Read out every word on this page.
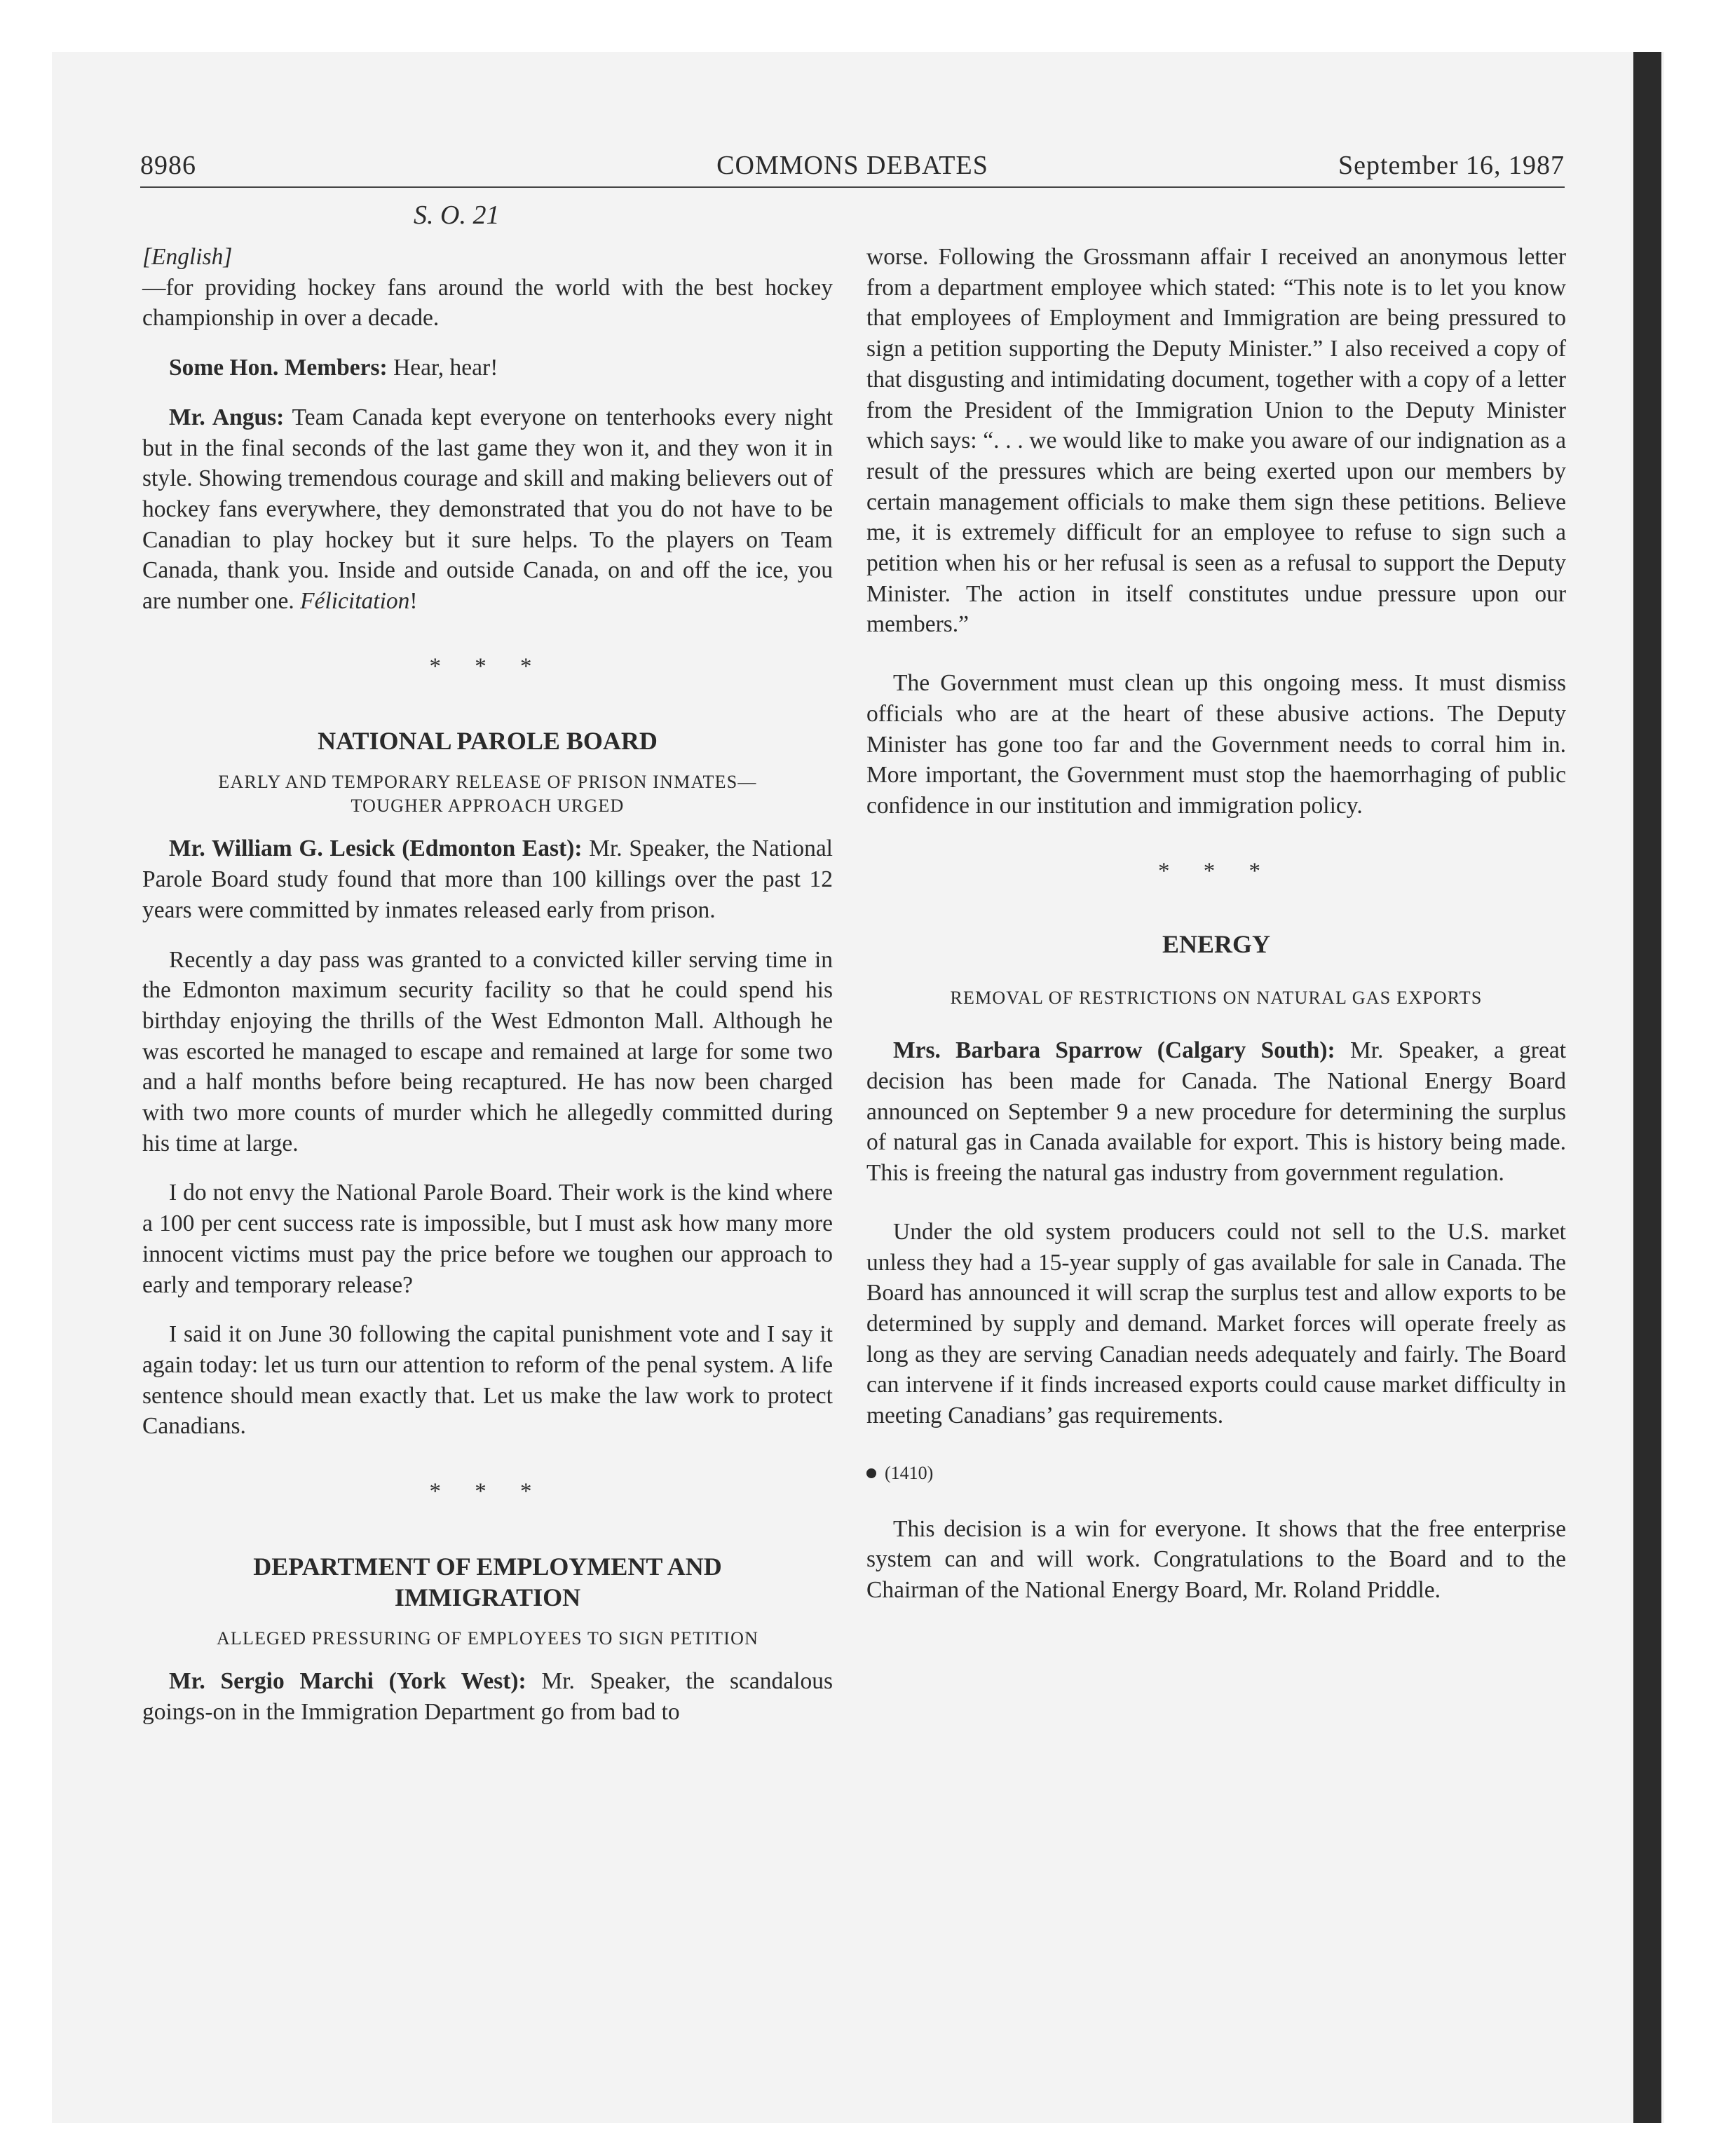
COMMONS DEBATES
8986	September 16, 1987
S. O. 21

[English]

—for providing hockey fans around the world with the best hockey championship in over a decade.

Some Hon. Members: Hear, hear!

Mr. Angus: Team Canada kept everyone on tenterhooks every night but in the final seconds of the last game they won it, and they won it in style. Showing tremendous courage and skill and making believers out of hockey fans everywhere, they demonstrated that you do not have to be Canadian to play hockey but it sure helps. To the players on Team Canada, thank you. Inside and outside Canada, on and off the ice, you are number one. Félicitation!

* * *

NATIONAL PAROLE BOARD

EARLY AND TEMPORARY RELEASE OF PRISON INMATES— TOUGHER APPROACH URGED

Mr. William G. Lesick (Edmonton East): Mr. Speaker, the National Parole Board study found that more than 100 killings over the past 12 years were committed by inmates released early from prison.

Recently a day pass was granted to a convicted killer serving time in the Edmonton maximum security facility so that he could spend his birthday enjoying the thrills of the West Edmonton Mall. Although he was escorted he managed to escape and remained at large for some two and a half months before being recaptured. He has now been charged with two more counts of murder which he allegedly committed during his time at large.

I do not envy the National Parole Board. Their work is the kind where a 100 per cent success rate is impossible, but I must ask how many more innocent victims must pay the price before we toughen our approach to early and temporary release?

I said it on June 30 following the capital punishment vote and I say it again today: let us turn our attention to reform of the penal system. A life sentence should mean exactly that. Let us make the law work to protect Canadians.

* * *

DEPARTMENT OF EMPLOYMENT AND IMMIGRATION

ALLEGED PRESSURING OF EMPLOYEES TO SIGN PETITION

Mr. Sergio Marchi (York West): Mr. Speaker, the scandalous goings-on in the Immigration Department go from bad to

worse. Following the Grossmann affair I received an anonymous letter from a department employee which stated: “This note is to let you know that employees of Employment and Immigration are being pressured to sign a petition supporting the Deputy Minister.” I also received a copy of that disgusting and intimidating document, together with a copy of a letter from the President of the Immigration Union to the Deputy Minister which says: “. . . we would like to make you aware of our indignation as a result of the pressures which are being exerted upon our members by certain management officials to make them sign these petitions. Believe me, it is extremely difficult for an employee to refuse to sign such a petition when his or her refusal is seen as a refusal to support the Deputy Minister. The action in itself constitutes undue pressure upon our members.”

The Government must clean up this ongoing mess. It must dismiss officials who are at the heart of these abusive actions. The Deputy Minister has gone too far and the Government needs to corral him in. More important, the Government must stop the haemorrhaging of public confidence in our institution and immigration policy.

* * *

ENERGY

REMOVAL OF RESTRICTIONS ON NATURAL GAS EXPORTS

Mrs. Barbara Sparrow (Calgary South): Mr. Speaker, a great decision has been made for Canada. The National Energy Board announced on September 9 a new procedure for determining the surplus of natural gas in Canada available for export. This is history being made. This is freeing the natural gas industry from government regulation.

Under the old system producers could not sell to the U.S. market unless they had a 15-year supply of gas available for sale in Canada. The Board has announced it will scrap the surplus test and allow exports to be determined by supply and demand. Market forces will operate freely as long as they are serving Canadian needs adequately and fairly. The Board can intervene if it finds increased exports could cause market difficulty in meeting Canadians’ gas requirements.

(1410)

This decision is a win for everyone. It shows that the free enterprise system can and will work. Congratulations to the Board and to the Chairman of the National Energy Board, Mr. Roland Priddle.
